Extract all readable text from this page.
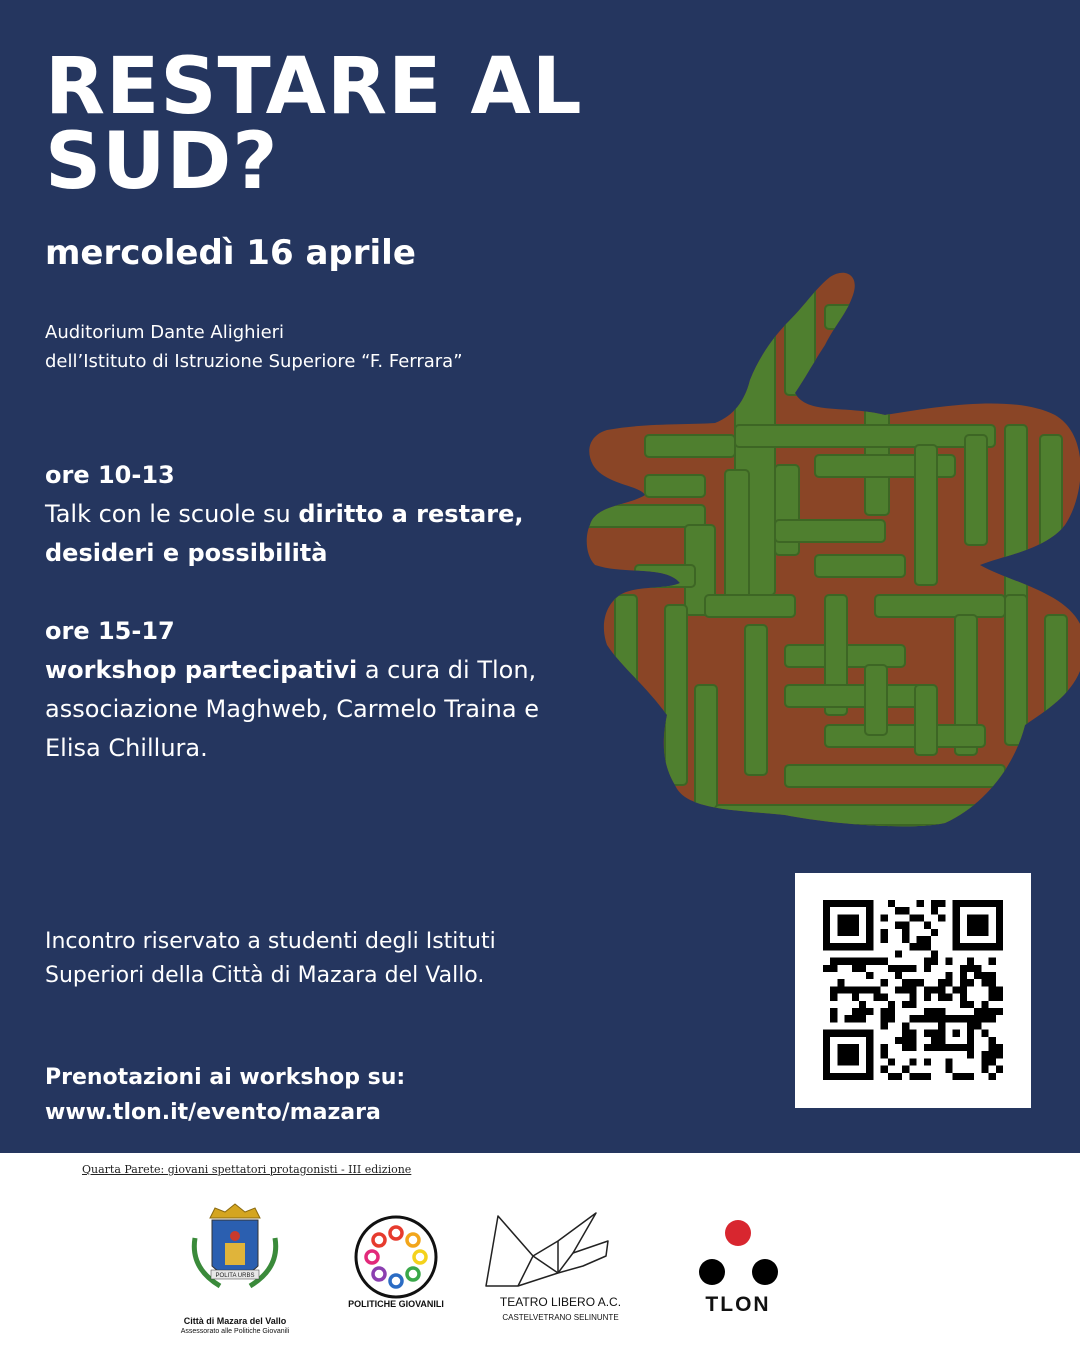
RESTARE AL
SUD?
mercoledì 16 aprile
Auditorium Dante Alighieri
dell’Istituto di Istruzione Superiore “F. Ferrara”
ore 10-13
Talk con le scuole su diritto a restare, desideri e possibilità
ore 15-17
workshop partecipativi a cura di Tlon, associazione Maghweb, Carmelo Traina e Elisa Chillura.
Incontro riservato a studenti degli Istituti Superiori della Città di Mazara del Vallo.
Prenotazioni ai workshop su:
www.tlon.it/evento/mazara
Quarta Parete: giovani spettatori protagonisti - III edizione
POLITA URBS
Città di Mazara del Vallo
Assessorato alle Politiche Giovanili
POLITICHE GIOVANILI	TEATRO LIBERO A.C.
CASTELVETRANO SELINUNTE
TLON
